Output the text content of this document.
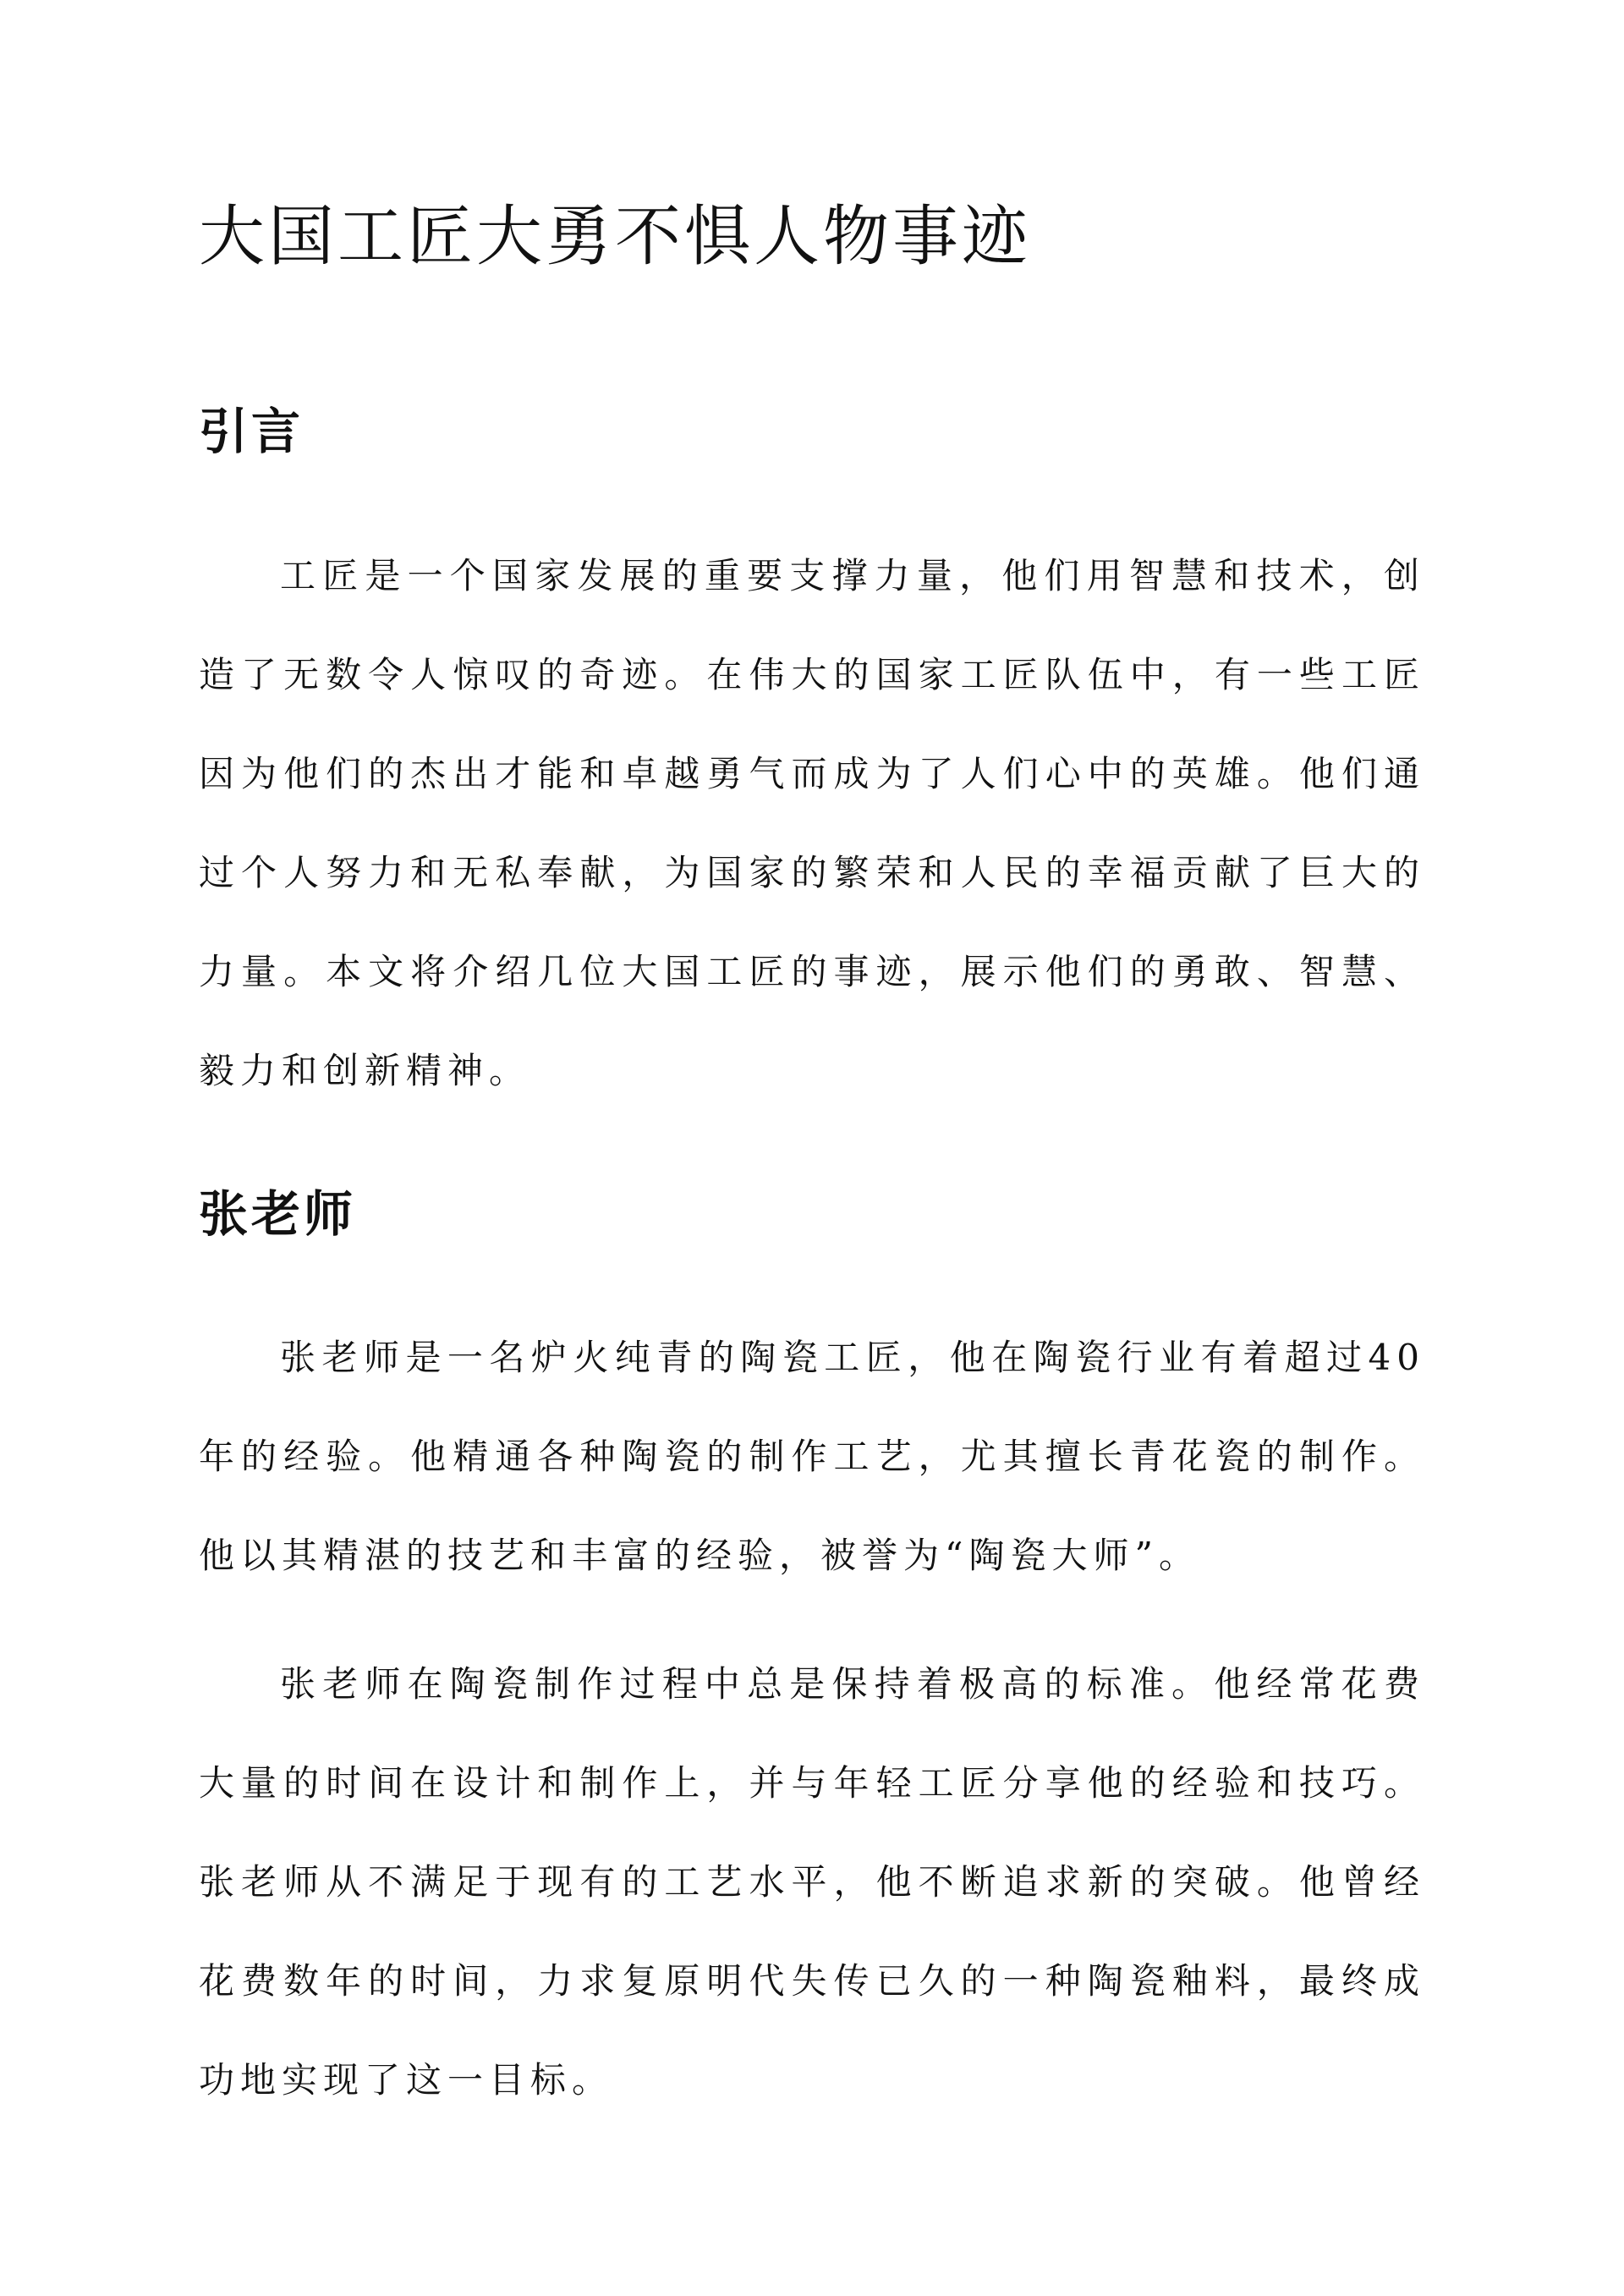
大国工匠大勇不惧人物事迹
引言

工匠是一个国家发展的重要支撑力量，他们用智慧和技术，创造了无数令人惊叹的奇迹。在伟大的国家工匠队伍中，有一些工匠因为他们的杰出才能和卓越勇气而成为了人们心中的英雄。他们通过个人努力和无私奉献，为国家的繁荣和人民的幸福贡献了巨大的力量。本文将介绍几位大国工匠的事迹，展示他们的勇敢、智慧、毅力和创新精神。

张老师

张老师是一名炉火纯青的陶瓷工匠，他在陶瓷行业有着超过40年的经验。他精通各种陶瓷的制作工艺，尤其擅长青花瓷的制作。他以其精湛的技艺和丰富的经验，被誉为“陶瓷大师”。

张老师在陶瓷制作过程中总是保持着极高的标准。他经常花费大量的时间在设计和制作上，并与年轻工匠分享他的经验和技巧。张老师从不满足于现有的工艺水平，他不断追求新的突破。他曾经花费数年的时间，力求复原明代失传已久的一种陶瓷釉料，最终成功地实现了这一目标。
